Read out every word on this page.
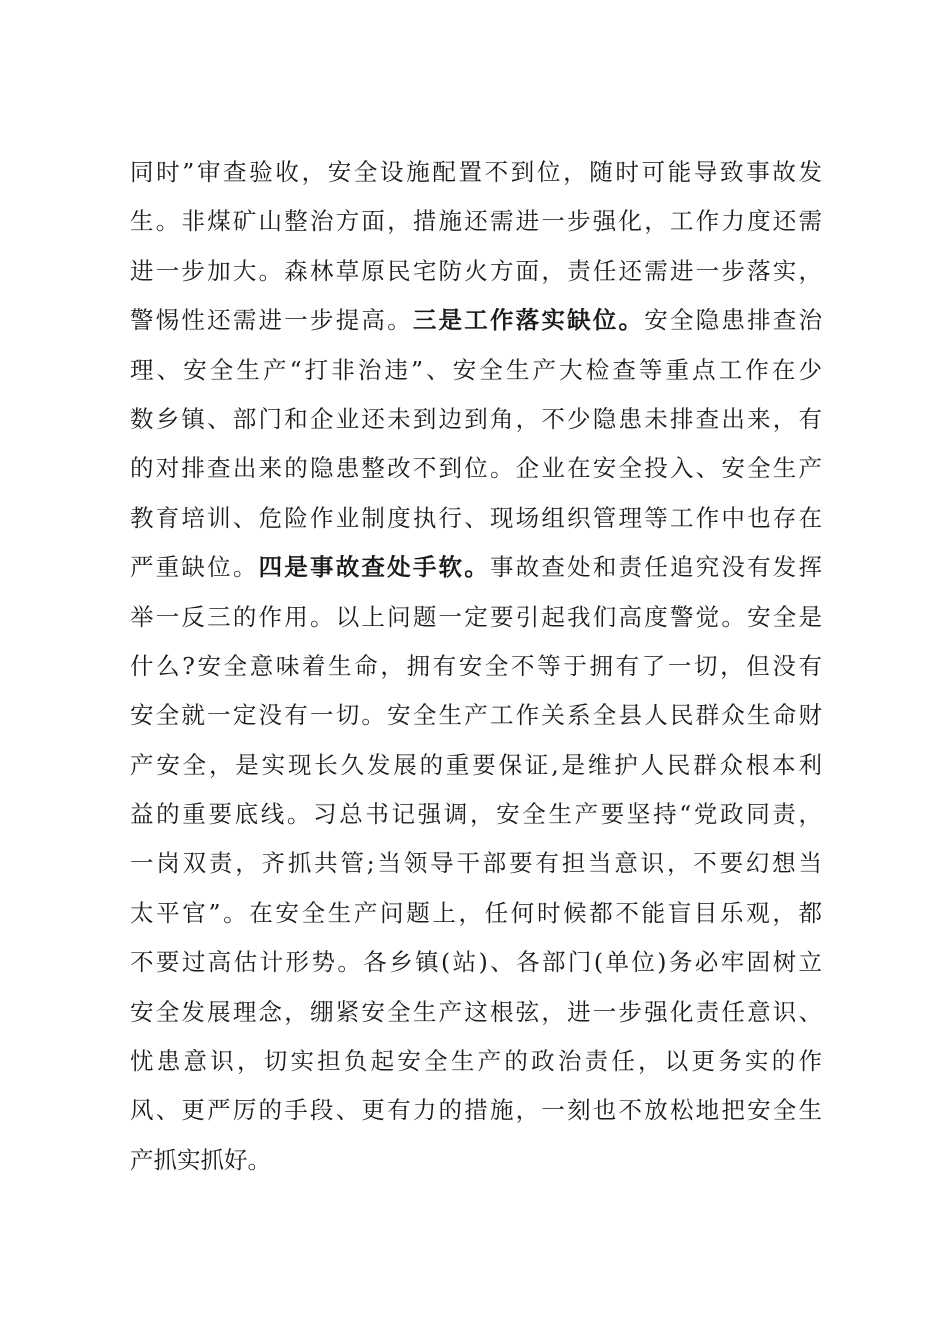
同时”审查验收，安全设施配置不到位，随时可能导致事故发
生。非煤矿山整治方面，措施还需进一步强化，工作力度还需
进一步加大。森林草原民宅防火方面，责任还需进一步落实，
警惕性还需进一步提高。三是工作落实缺位。安全隐患排查治
理、安全生产“打非治违”、安全生产大检查等重点工作在少
数乡镇、部门和企业还未到边到角，不少隐患未排查出来，有
的对排查出来的隐患整改不到位。企业在安全投入、安全生产
教育培训、危险作业制度执行、现场组织管理等工作中也存在
严重缺位。四是事故查处手软。事故查处和责任追究没有发挥
举一反三的作用。以上问题一定要引起我们高度警觉。安全是
什么?安全意味着生命，拥有安全不等于拥有了一切，但没有
安全就一定没有一切。安全生产工作关系全县人民群众生命财
产安全，是实现长久发展的重要保证,是维护人民群众根本利
益的重要底线。习总书记强调，安全生产要坚持“党政同责，
一岗双责，齐抓共管;当领导干部要有担当意识，不要幻想当
太平官”。在安全生产问题上，任何时候都不能盲目乐观，都
不要过高估计形势。各乡镇(站)、各部门(单位)务必牢固树立
安全发展理念，绷紧安全生产这根弦，进一步强化责任意识、
忧患意识，切实担负起安全生产的政治责任，以更务实的作
风、更严厉的手段、更有力的措施，一刻也不放松地把安全生
产抓实抓好。
